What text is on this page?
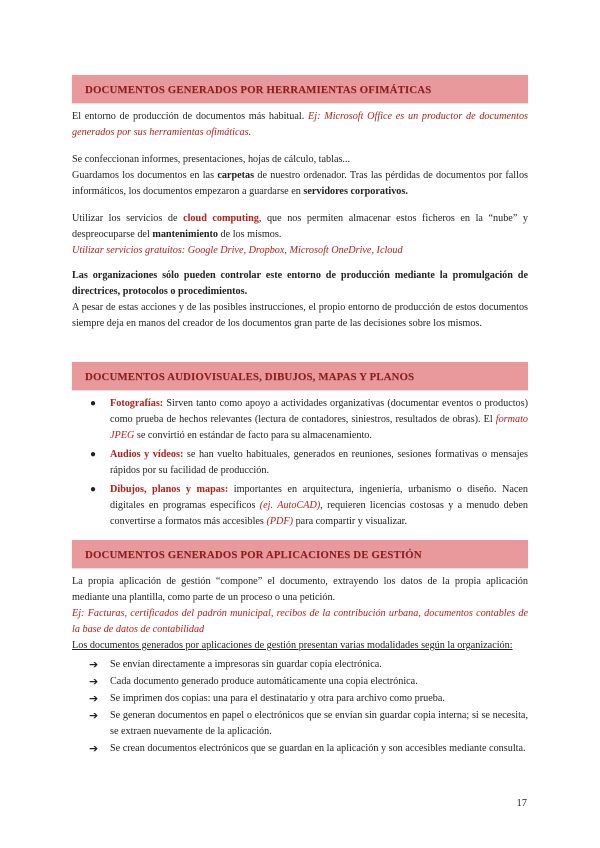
DOCUMENTOS GENERADOS POR HERRAMIENTAS OFIMÁTICAS
El entorno de producción de documentos más habitual. Ej: Microsoft Office es un productor de documentos generados por sus herramientas ofimáticas.
Se confeccionan informes, presentaciones, hojas de cálculo, tablas...
Guardamos los documentos en las carpetas de nuestro ordenador. Tras las pérdidas de documentos por fallos informáticos, los documentos empezaron a guardarse en servidores corporativos.
Utilizar los servicios de cloud computing, que nos permiten almacenar estos ficheros en la “nube” y despreocuparse del mantenimiento de los mismos.
Utilizar servicios gratuitos: Google Drive, Dropbox, Microsoft OneDrive, Icloud
Las organizaciones sólo pueden controlar este entorno de producción mediante la promulgación de directrices, protocolos o procedimientos.
A pesar de estas acciones y de las posibles instrucciones, el propio entorno de producción de estos documentos siempre deja en manos del creador de los documentos gran parte de las decisiones sobre los mismos.
DOCUMENTOS AUDIOVISUALES, DIBUJOS, MAPAS Y PLANOS
● Fotografías: Sirven tanto como apoyo a actividades organizativas (documentar eventos o productos) como prueba de hechos relevantes (lectura de contadores, siniestros, resultados de obras). El formato JPEG se convirtió en estándar de facto para su almacenamiento.
● Audios y vídeos: se han vuelto habituales, generados en reuniones, sesiones formativas o mensajes rápidos por su facilidad de producción.
● Dibujos, planos y mapas: importantes en arquitectura, ingeniería, urbanismo o diseño. Nacen digitales en programas específicos (ej. AutoCAD), requieren licencias costosas y a menudo deben convertirse a formatos más accesibles (PDF) para compartir y visualizar.
DOCUMENTOS GENERADOS POR APLICACIONES DE GESTIÓN
La propia aplicación de gestión “compone” el documento, extrayendo los datos de la propia aplicación mediante una plantilla, como parte de un proceso o una petición.
Ej: Facturas, certificados del padrón municipal, recibos de la contribución urbana, documentos contables de la base de datos de contabilidad
Los documentos generados por aplicaciones de gestión presentan varias modalidades según la organización:
➔ Se envían directamente a impresoras sin guardar copia electrónica.
➔ Cada documento generado produce automáticamente una copia electrónica.
➔ Se imprimen dos copias: una para el destinatario y otra para archivo como prueba.
➔ Se generan documentos en papel o electrónicos que se envían sin guardar copia interna; si se necesita, se extraen nuevamente de la aplicación.
➔ Se crean documentos electrónicos que se guardan en la aplicación y son accesibles mediante consulta.
17
